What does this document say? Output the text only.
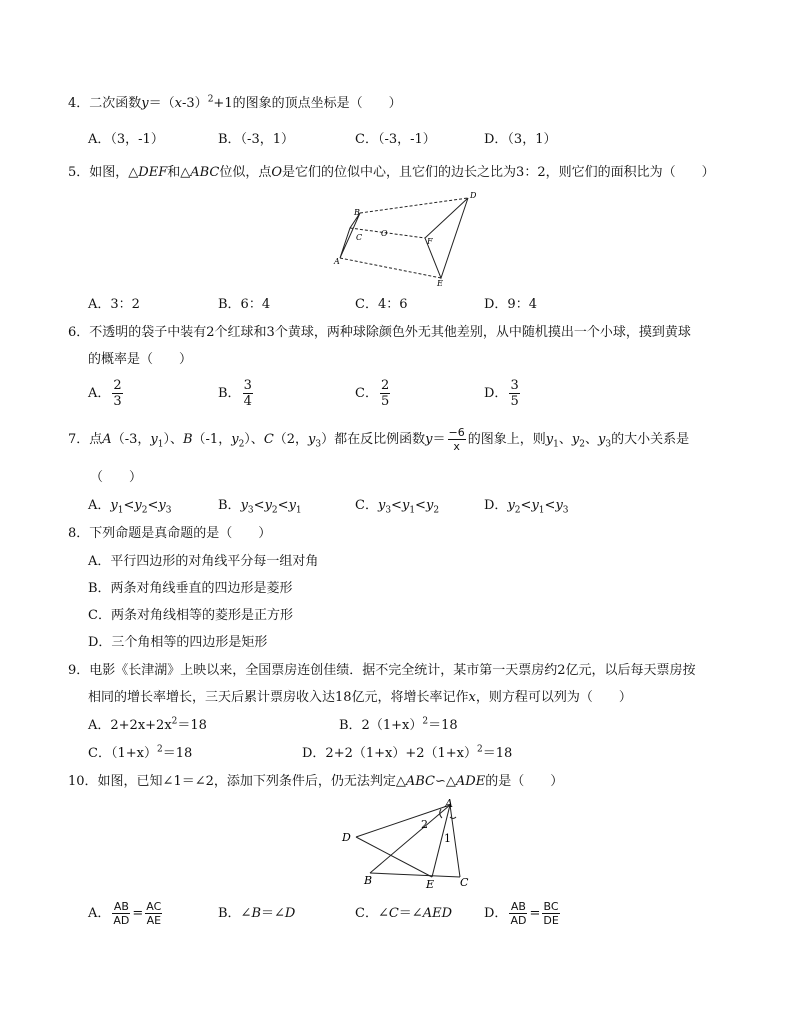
4．二次函数$y=(x-3)^2+1$的图象的顶点坐标是（　　）
A．（3，-1）	B．（-3，1）	C．（-3，-1）	D．（3，1）
5．如图，△DEF和△ABC位似，点O是它们的位似中心，且它们的边长之比为3：2，则它们的面积比为（　　）
B
C
A
O
D
F
E
A．3：2	B．6：4	C．4：6	D．9：4
6．不透明的袋子中装有2个红球和3个黄球，两种球除颜色外无其他差别，从中随机摸出一个小球，摸到黄球
的概率是（　　）
A． $\frac{2}{3}$	B． $\frac{3}{4}$	C． $\frac{2}{5}$	D． $\frac{3}{5}$
7．点A（-3，$y_1$）、B（-1，$y_2$）、C（2，$y_3$）都在反比例函数$y= \frac{-6}{x}$ 的图象上，则$y_1$、$y_2$、$y_3$的大小关系是
（　　）
A．$y_1<y_2<y_3$	B．$y_3<y_2<y_1$	C．$y_3<y_1<y_2$	D．$y_2<y_1<y_3$
8．下列命题是真命题的是（　　）
A．平行四边形的对角线平分每一组对角
B．两条对角线垂直的四边形是菱形
C．两条对角线相等的菱形是正方形
D．三个角相等的四边形是矩形
9．电影《长津湖》上映以来，全国票房连创佳绩．据不完全统计，某市第一天票房约2亿元，以后每天票房按
相同的增长率增长，三天后累计票房收入达18亿元，将增长率记作x，则方程可以列为（　　）
A．$2+2x+2x^2=18$	B．$2(1+x)^2=18$
C．$(1+x)^2=18$	D．$2+2(1+x)+2(1+x)^2=18$
10．如图，已知∠1＝∠2，添加下列条件后，仍无法判定△ABC∽△ADE的是（　　）
A
D
B	E C
2
1
A． $\frac{AB}{AD} = \frac{AC}{AE}$	B．∠B＝∠D	C．∠C＝∠AED D． $\frac{AB}{AD} = \frac{BC}{DE}$
